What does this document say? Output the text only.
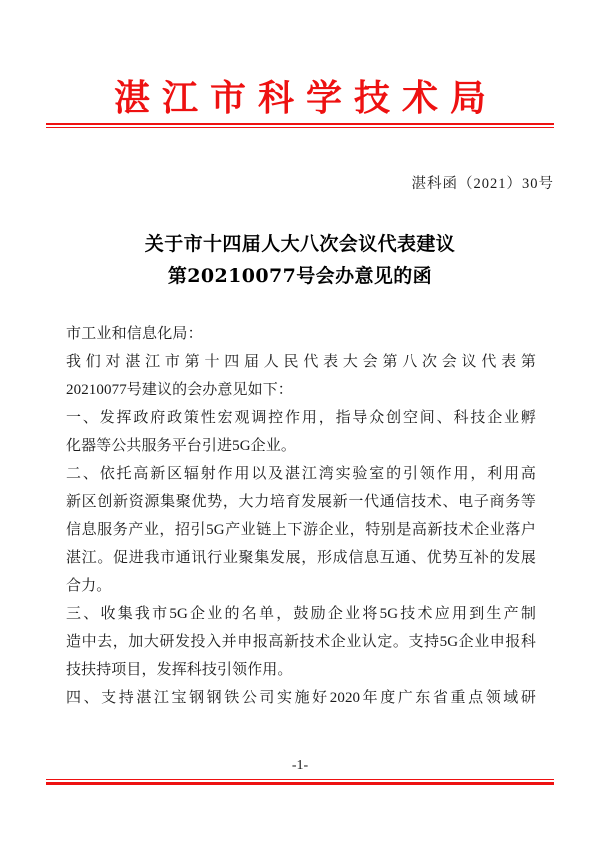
湛江市科学技术局
湛科函（2021）30号
关于市十四届人大八次会议代表建议
第20210077号会办意见的函
市工业和信息化局：

我们对湛江市第十四届人民代表大会第八次会议代表第
20210077号建议的会办意见如下：

一、发挥政府政策性宏观调控作用，指导众创空间、科技企业孵
化器等公共服务平台引进5G企业。

二、依托高新区辐射作用以及湛江湾实验室的引领作用，利用高
新区创新资源集聚优势，大力培育发展新一代通信技术、电子商务等
信息服务产业，招引5G产业链上下游企业，特别是高新技术企业落户
湛江。促进我市通讯行业聚集发展，形成信息互通、优势互补的发展
合力。

三、收集我市5G企业的名单，鼓励企业将5G技术应用到生产制
造中去，加大研发投入并申报高新技术企业认定。支持5G企业申报科
技扶持项目，发挥科技引领作用。

四、支持湛江宝钢钢铁公司实施好2020年度广东省重点领域研

-1-
